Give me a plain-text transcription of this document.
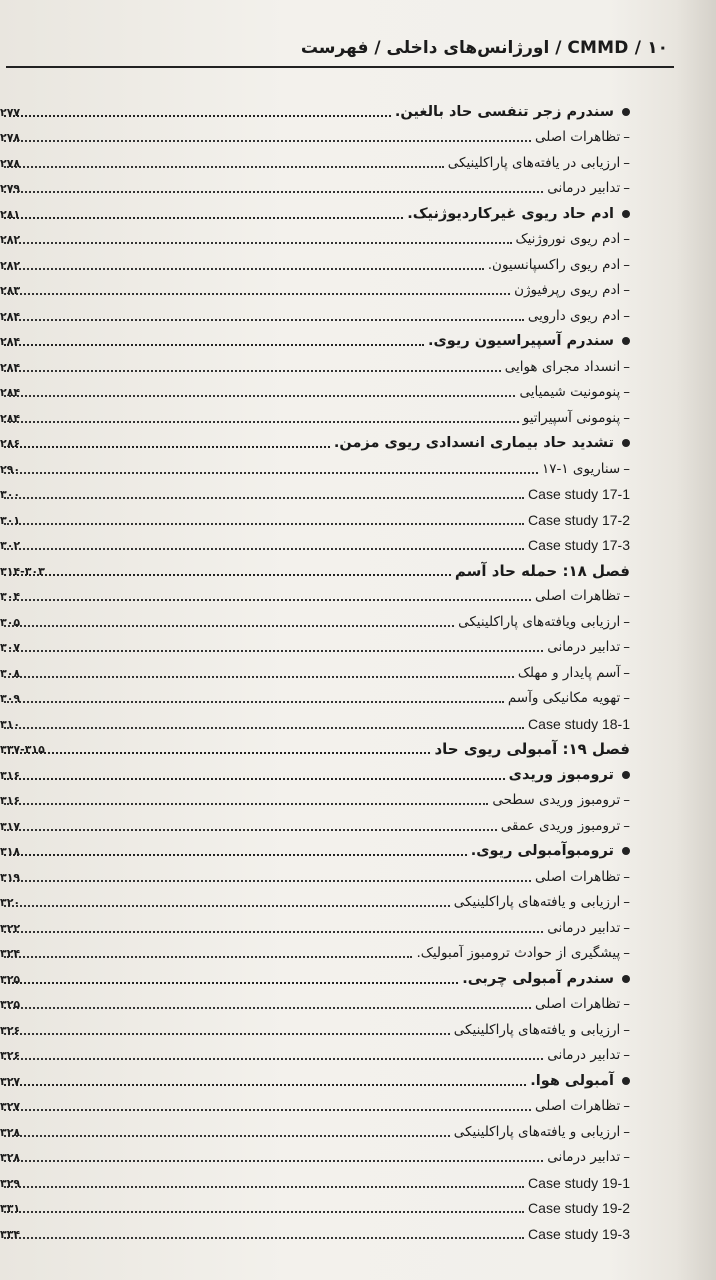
CMMD / ۱۰ / اورژانس‌های داخلی / فهرست
سندرم زجر تنفسی حاد بالغین.
۲۷۷
–تظاهرات اصلی
۲۷۸
–ارزیابی در یافته‌های پاراکلینیکی
۲۷۸
–تدابیر درمانی
۲۷۹
ادم حاد ریوی غیرکاردیوژنیک.
۲۸۱
–ادم ریوی نوروژنیک
۲۸۲
–ادم ریوی راکسپانسیون.
۲۸۲
–ادم ریوی رپرفیوژن
۲۸۳
–ادم ریوی دارویی
۲۸۴
سندرم آسپیراسیون ریوی.
۲۸۴
–انسداد مجرای هوایی
۲۸۴
–پنومونیت شیمیایی
۲۸۴
–پنومونی آسپیراتیو
۲۸۴
تشدید حاد بیماری انسدادی ریوی مزمن.
۲۸۶
–سناریوی ۱-۱۷
۲۹۰
Case study 17-1
۳۰۰
Case study 17-2
۳۰۱
Case study 17-3
۳۰۲
فصل ۱۸: حمله حاد آسم
۳۱۴-۳۰۳
–تظاهرات اصلی
۳۰۴
–ارزیابی ویافته‌های پاراکلینیکی
۳۰۵
–تدابیر درمانی
۳۰۷
–آسم پایدار و مهلک
۳۰۸
–تهویه مکانیکی وآسم
۳۰۹
Case study 18-1
۳۱۰
فصل ۱۹: آمبولی ریوی حاد
۳۳۷-۳۱۵
ترومبوز وریدی
۳۱۶
–ترومبوز وریدی سطحی
۳۱۶
–ترومبوز وریدی عمقی
۳۱۷
ترومبوآمبولی ریوی.
۳۱۸
–تظاهرات اصلی
۳۱۹
–ارزیابی و یافته‌های پاراکلینیکی
۳۲۰
–تدابیر درمانی
۳۲۲
–پیشگیری از حوادث ترومبوز آمبولیک.
۳۲۴
سندرم آمبولی چربی.
۳۲۵
–تظاهرات اصلی
۳۲۵
–ارزیابی و یافته‌های پاراکلینیکی
۳۲۶
–تدابیر درمانی
۳۲۶
آمبولی هوا.
۳۲۷
–تظاهرات اصلی
۳۲۷
–ارزیابی و یافته‌های پاراکلینیکی
۳۲۸
–تدابیر درمانی
۳۲۸
Case study 19-1
۳۲۹
Case study 19-2
۳۳۱
Case study 19-3
۳۳۴
